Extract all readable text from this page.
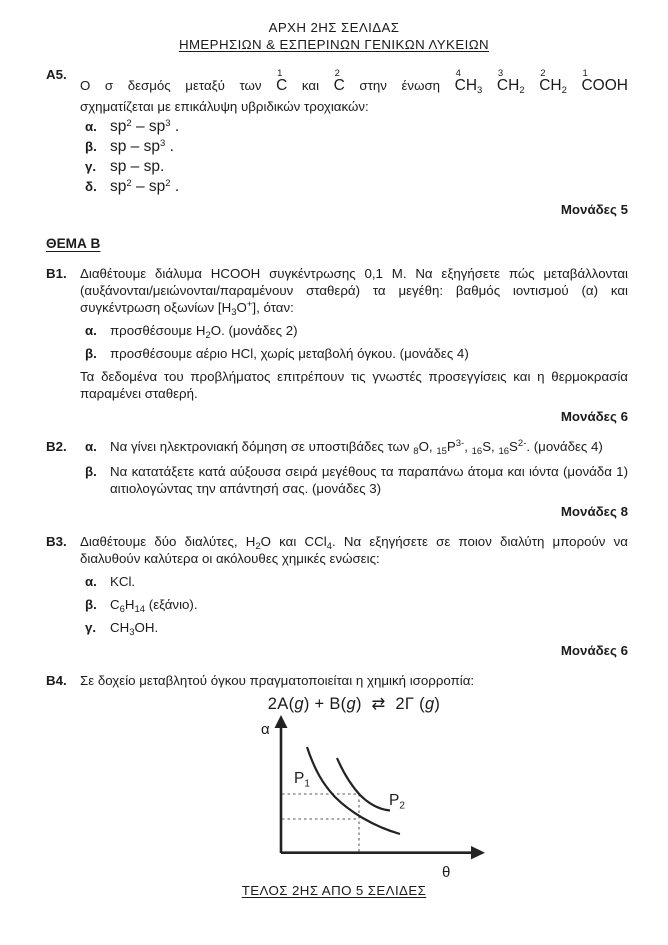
ΑΡΧΗ 2ΗΣ ΣΕΛΙΔΑΣ
ΗΜΕΡΗΣΙΩΝ & ΕΣΠΕΡΙΝΩΝ ΓΕΝΙΚΩΝ ΛΥΚΕΙΩΝ
Α5.
Ο σ δεσμός μεταξύ των
1
C και
2
C στην ένωση
4
$CH_3$
3
$CH_2$
2
$CH_2$
1
COOH
σχηματίζεται με επικάλυψη υβριδικών τροχιακών:
α. $sp^2 - sp^3$ .
β. sp – $sp^3$ .
γ. sp – sp.
δ. $sp^2 - sp^2$ .
Μονάδες 5
ΘΕΜΑ Β
Β1. Διαθέτουμε διάλυμα HCOOH συγκέντρωσης 0,1 M. Να εξηγήσετε πώς μεταβάλλονται (αυξάνονται/μειώνονται/παραμένουν σταθερά) τα μεγέθη: βαθμός ιοντισμού (α) και συγκέντρωση οξωνίων $[H_3O^+]$, όταν:

α. προσθέσουμε $H_2O$. (μονάδες 2)
β. προσθέσουμε αέριο HCl, χωρίς μεταβολή όγκου. (μονάδες 4)

Τα δεδομένα του προβλήματος επιτρέπουν τις γνωστές προσεγγίσεις και η θερμοκρασία παραμένει σταθερή.

Μονάδες 6
Β2.	α. Να γίνει ηλεκτρονιακή δόμηση σε υποστιβάδες των $_8$O, $_{15}P^{3-}$, $_{16}$S, $_{16}S^{2-}$. (μονάδες 4)
β. Να κατατάξετε κατά αύξουσα σειρά μεγέθους τα παραπάνω άτομα και ιόντα (μονάδα 1) αιτιολογώντας την απάντησή σας. (μονάδες 3)
Μονάδες 8
Β3. Διαθέτουμε δύο διαλύτες, $H_2O$ και CCl$_4$. Να εξηγήσετε σε ποιον διαλύτη μπορούν να διαλυθούν καλύτερα οι ακόλουθες χημικές ενώσεις:

α. KCl.
β. $C_6H_{14}$ (εξάνιο).
γ.	$CH_3OH$.
Μονάδες 6
Β4. Σε δοχείο μεταβλητού όγκου πραγματοποιείται η χημική ισορροπία:
2A(g) + B(g)  ⇄  2Γ (g)
α
θ
$P_1$
$P_2$
ΤΕΛΟΣ 2ΗΣ ΑΠΟ 5 ΣΕΛΙΔΕΣ
